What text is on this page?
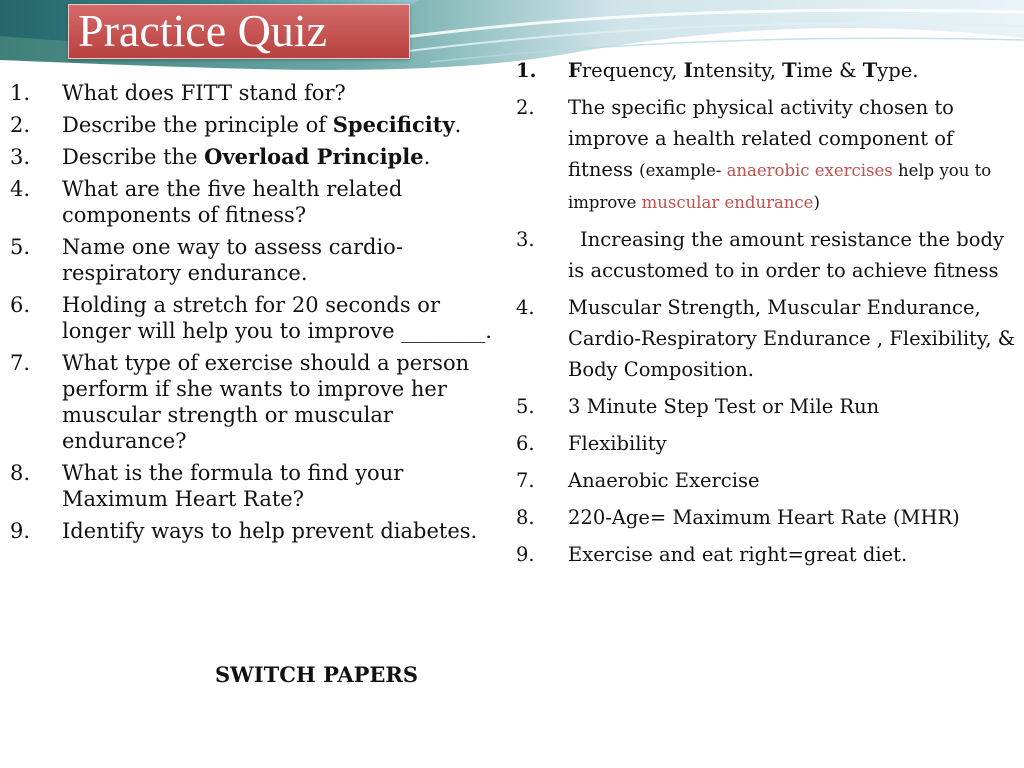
Practice Quiz
1. What does FITT stand for?
2. Describe the principle of Specificity.
3. Describe the Overload Principle.
4. What are the five health related components of fitness?
5. Name one way to assess cardio-respiratory endurance.
6. Holding a stretch for 20 seconds or longer will help you to improve ________.
7. What type of exercise should a person perform if she wants to improve her muscular strength or muscular endurance?
8. What is the formula to find your Maximum Heart Rate?
9. Identify ways to help prevent diabetes.
SWITCH PAPERS
1. Frequency, Intensity, Time & Type.
2. The specific physical activity chosen to improve a health related component of fitness (example- anaerobic exercises help you to improve muscular endurance)
3. Increasing the amount resistance the body is accustomed to in order to achieve fitness
4. Muscular Strength, Muscular Endurance, Cardio-Respiratory Endurance , Flexibility, & Body Composition.
5. 3 Minute Step Test or Mile Run
6. Flexibility
7. Anaerobic Exercise
8. 220-Age= Maximum Heart Rate (MHR)
9. Exercise and eat right=great diet.
